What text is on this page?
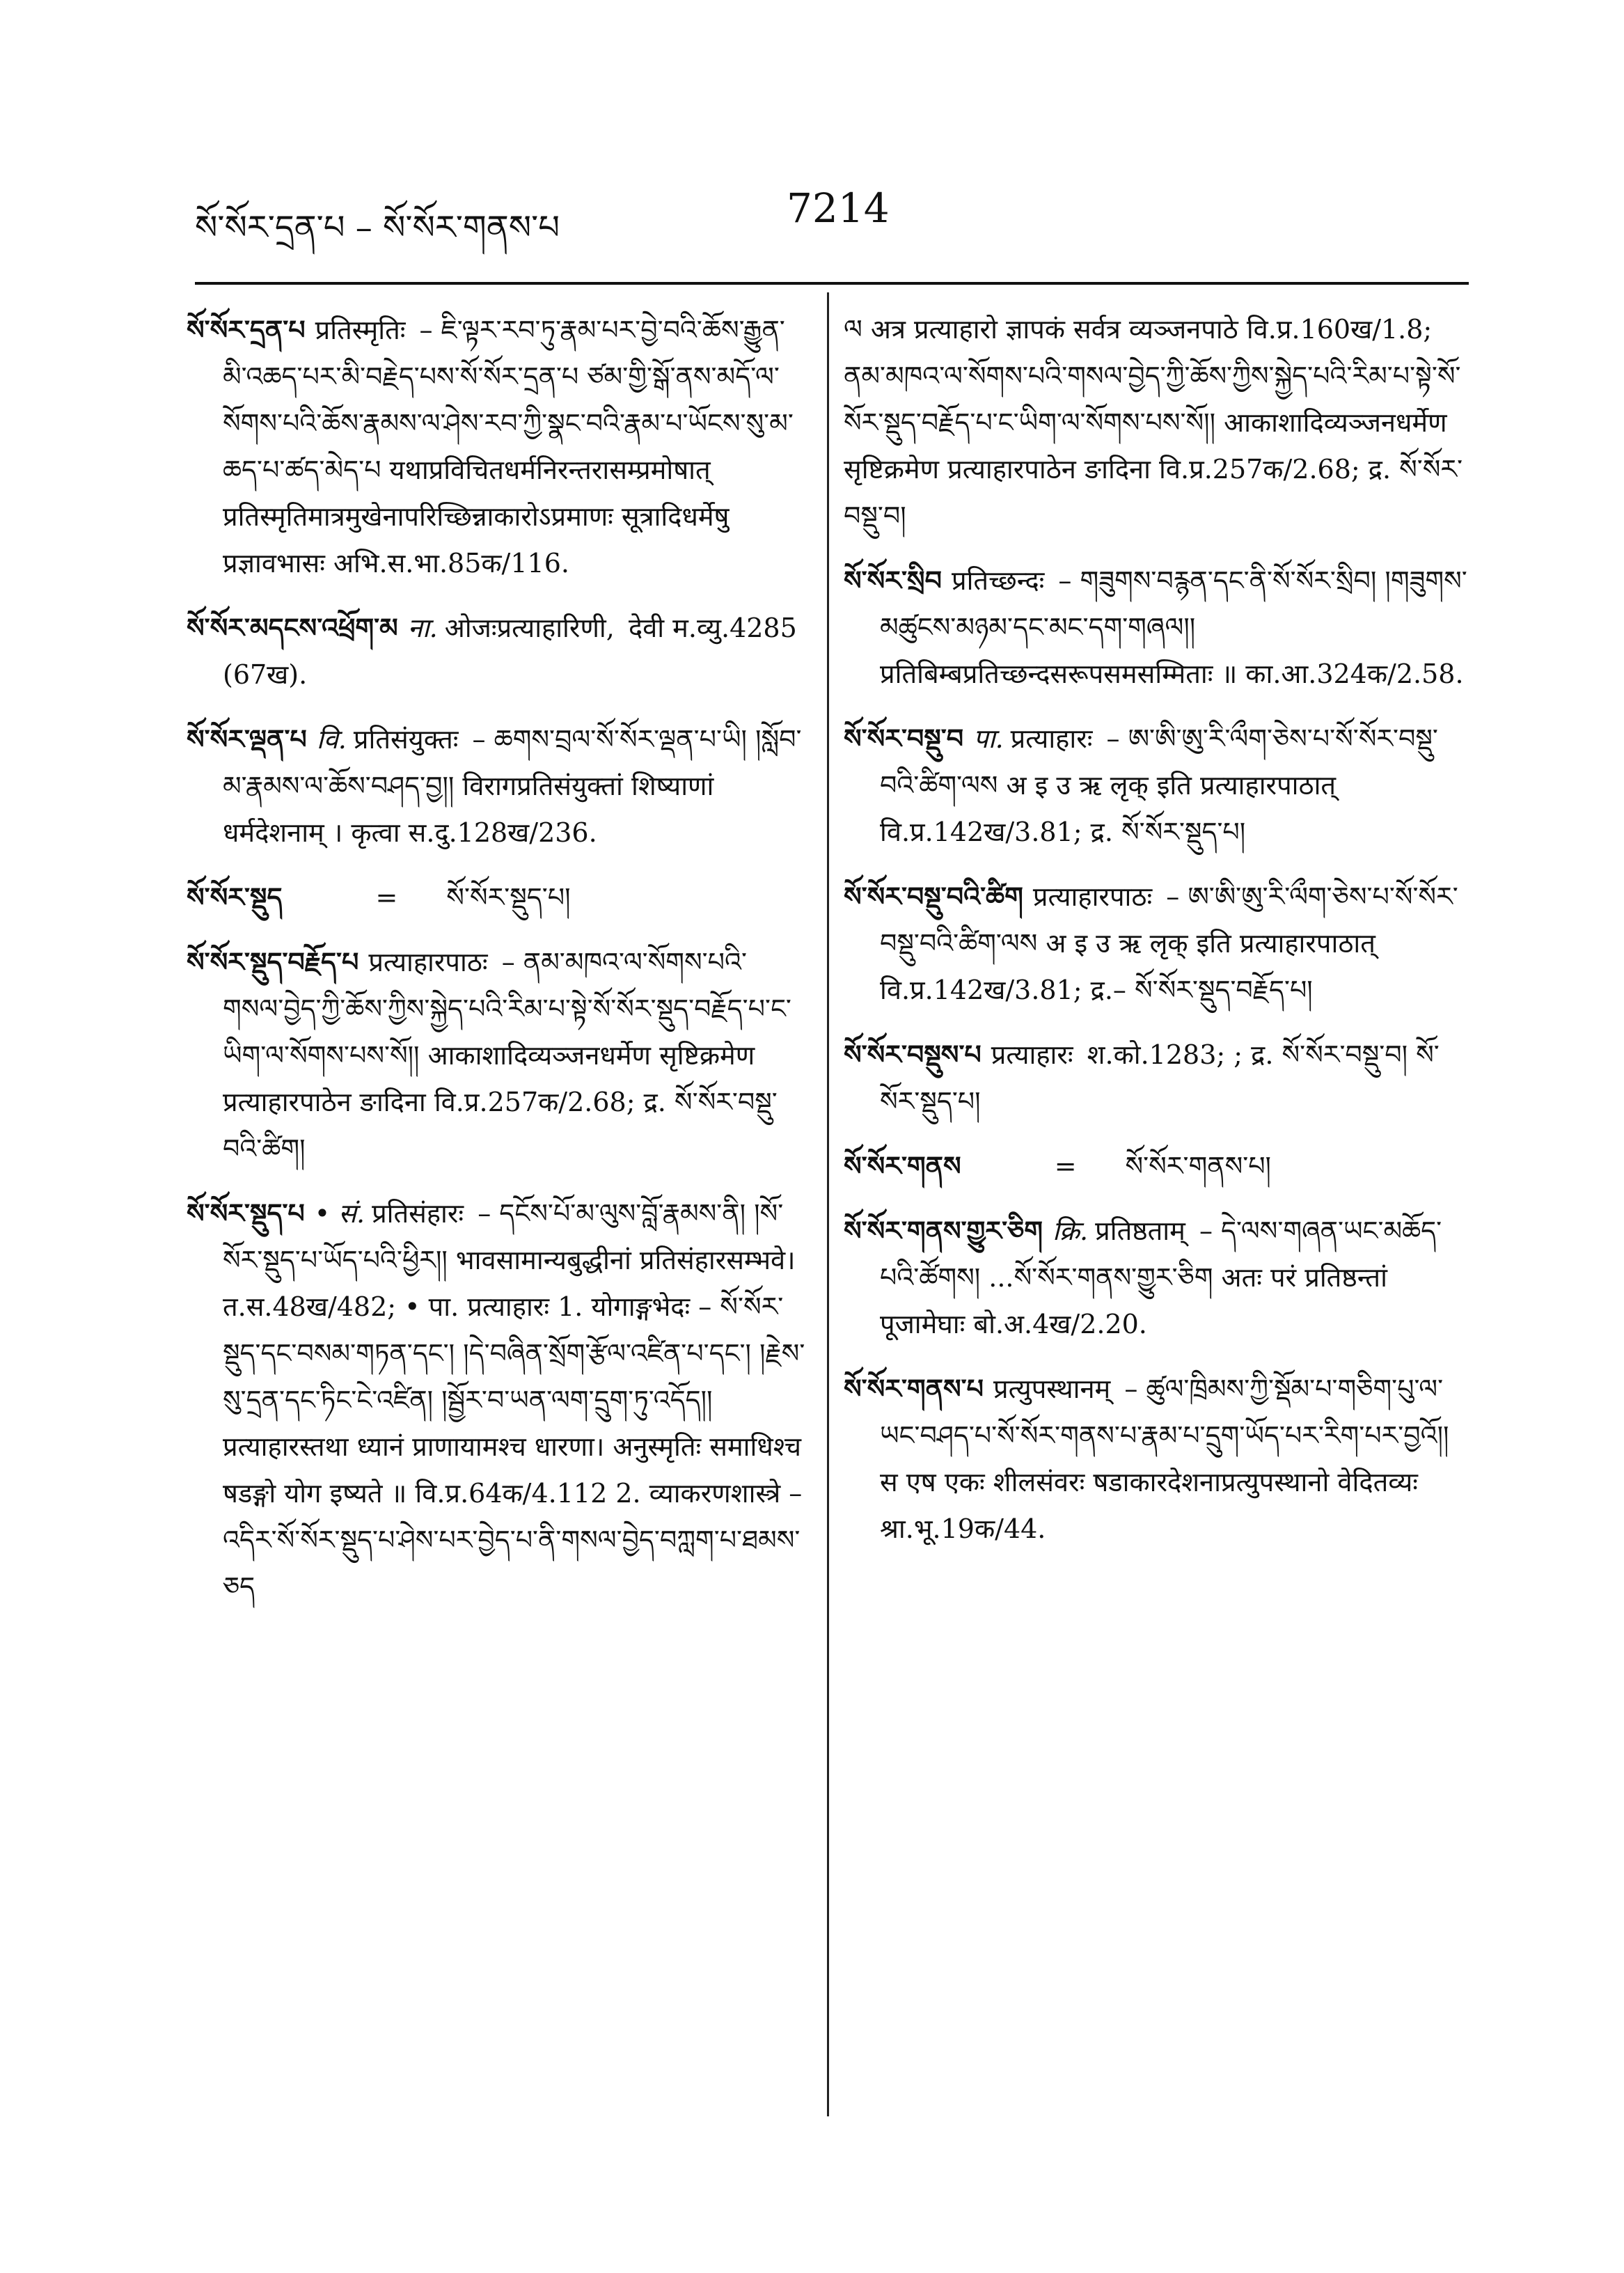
སོ་སོར་དྲན་པ – སོ་སོར་གནས་པ	7214

སོ་སོར་དྲན་པ प्रतिस्मृतिः – ཇི་ལྟར་རབ་ཏུ་རྣམ་པར་བྱེ་བའི་ཆོས་རྒྱུན་མི་འཆད་པར་མི་བརྗེད་པས་སོ་སོར་དྲན་པ ཙམ་གྱི་སྒོ་ནས་མདོ་ལ་སོགས་པའི་ཆོས་རྣམས་ལ་ཤེས་རབ་ཀྱི་སྣང་བའི་རྣམ་པ་ཡོངས་སུ་མ་ཆད་པ་ཚད་མེད་པ यथाप्रविचितधर्मनिरन्तरासम्प्रमोषात् प्रतिस्मृतिमात्रमुखेनापरिच्छिन्नाकारोऽप्रमाणः सूत्रादिधर्मेषु प्रज्ञावभासः अभि.स.भा.85क/116.

སོ་སོར་མདངས་འཕྲོག་མ ना. ओजःप्रत्याहारिणी, देवी म.व्यु.4285 (67ख).

སོ་སོར་ལྡན་པ वि. प्रतिसंयुक्तः – ཆགས་བྲལ་སོ་སོར་ལྡན་པ་ཡི། །སློབ་མ་རྣམས་ལ་ཆོས་བཤད་བྱ།། विरागप्रतिसंयुक्तां शिष्याणां धर्मदेशनाम् । कृत्वा स.दु.128ख/236.

སོ་སོར་སྡུད	= སོ་སོར་སྡུད་པ།

སོ་སོར་སྡུད་བརྗོད་པ प्रत्याहारपाठः – ནམ་མཁའ་ལ་སོགས་པའི་གསལ་བྱེད་ཀྱི་ཆོས་ཀྱིས་སྐྱེད་པའི་རིམ་པ་སྟེ་སོ་སོར་སྡུད་བརྗོད་པ་ང་ཡིག་ལ་སོགས་པས་སོ།། आकाशादिव्यञ्जनधर्मेण सृष्टिक्रमेण प्रत्याहारपाठेन ङादिना वि.प्र.257क/2.68; द्र. སོ་སོར་བསྡུ་བའི་ཚིག།

སོ་སོར་སྡུད་པ • सं. प्रतिसंहारः – དངོས་པོ་མ་ལུས་བློ་རྣམས་ནི། །སོ་སོར་སྡུད་པ་ཡོད་པའི་ཕྱིར།། भावसामान्यबुद्धीनां प्रतिसंहारसम्भवे। त.स.48ख/482; • पा. प्रत्याहारः 1. योगाङ्गभेदः – སོ་སོར་སྡུད་དང་བསམ་གཏན་དང་། །དེ་བཞིན་སྲོག་རྩོལ་འཛིན་པ་དང་། །རྗེས་སུ་དྲན་དང་ཏིང་ངེ་འཛིན། །སྦྱོར་བ་ཡན་ལག་དྲུག་ཏུ་འདོད།། प्रत्याहारस्तथा ध्यानं प्राणायामश्च धारणा। अनुस्मृतिः समाधिश्च षडङ्गो योग इष्यते ॥ वि.प्र.64क/4.112 2. व्याकरणशास्त्रे – འདིར་སོ་སོར་སྡུད་པ་ཤེས་པར་བྱེད་པ་ནི་གསལ་བྱེད་བཀླག་པ་ཐམས་ཅད

ལ अत्र प्रत्याहारो ज्ञापकं सर्वत्र व्यञ्जनपाठे वि.प्र.160ख/1.8; ནམ་མཁའ་ལ་སོགས་པའི་གསལ་བྱེད་ཀྱི་ཆོས་ཀྱིས་སྐྱེད་པའི་རིམ་པ་སྟེ་སོ་སོར་སྡུད་བརྗོད་པ་ང་ཡིག་ལ་སོགས་པས་སོ།། आकाशादिव्यञ्जनधर्मेण सृष्टिक्रमेण प्रत्याहारपाठेन ङादिना वि.प्र.257क/2.68; द्र. སོ་སོར་བསྡུ་བ།

སོ་སོར་སྲིབ प्रतिच्छन्दः – གཟུགས་བརྙན་དང་ནི་སོ་སོར་སྲིབ། །གཟུགས་མཚུངས་མཉམ་དང་མང་དག་གཞལ།། प्रतिबिम्बप्रतिच्छन्दसरूपसमसम्मिताः ॥ का.आ.324क/2.58.

སོ་སོར་བསྡུ་བ पा. प्रत्याहारः – ཨ་ཨི་ཨུ་རི་ལྀག་ཅེས་པ་སོ་སོར་བསྡུ་བའི་ཚིག་ལས अ इ उ ऋ लृक् इति प्रत्याहारपाठात् वि.प्र.142ख/3.81; द्र. སོ་སོར་སྡུད་པ།

སོ་སོར་བསྡུ་བའི་ཚིག प्रत्याहारपाठः – ཨ་ཨི་ཨུ་རི་ལྀག་ཅེས་པ་སོ་སོར་བསྡུ་བའི་ཚིག་ལས अ इ उ ऋ लृक् इति प्रत्याहारपाठात् वि.प्र.142ख/3.81; द्र.– སོ་སོར་སྡུད་བརྗོད་པ།

སོ་སོར་བསྡུས་པ प्रत्याहारः श.को.1283; ; द्र. སོ་སོར་བསྡུ་བ། སོ་སོར་སྡུད་པ།

སོ་སོར་གནས	= སོ་སོར་གནས་པ།

སོ་སོར་གནས་གྱུར་ཅིག क्रि. प्रतिष्ठताम् – དེ་ལས་གཞན་ཡང་མཆོད་པའི་ཚོགས། ...སོ་སོར་གནས་གྱུར་ཅིག अतः परं प्रतिष्ठन्तां पूजामेघाः बो.अ.4ख/2.20.

སོ་སོར་གནས་པ प्रत्युपस्थानम् – ཚུལ་ཁྲིམས་ཀྱི་སྡོམ་པ་གཅིག་པུ་ལ་ཡང་བཤད་པ་སོ་སོར་གནས་པ་རྣམ་པ་དྲུག་ཡོད་པར་རིག་པར་བྱའོ།། स एष एकः शीलसंवरः षडाकारदेशनाप्रत्युपस्थानो वेदितव्यः श्रा.भू.19क/44.
